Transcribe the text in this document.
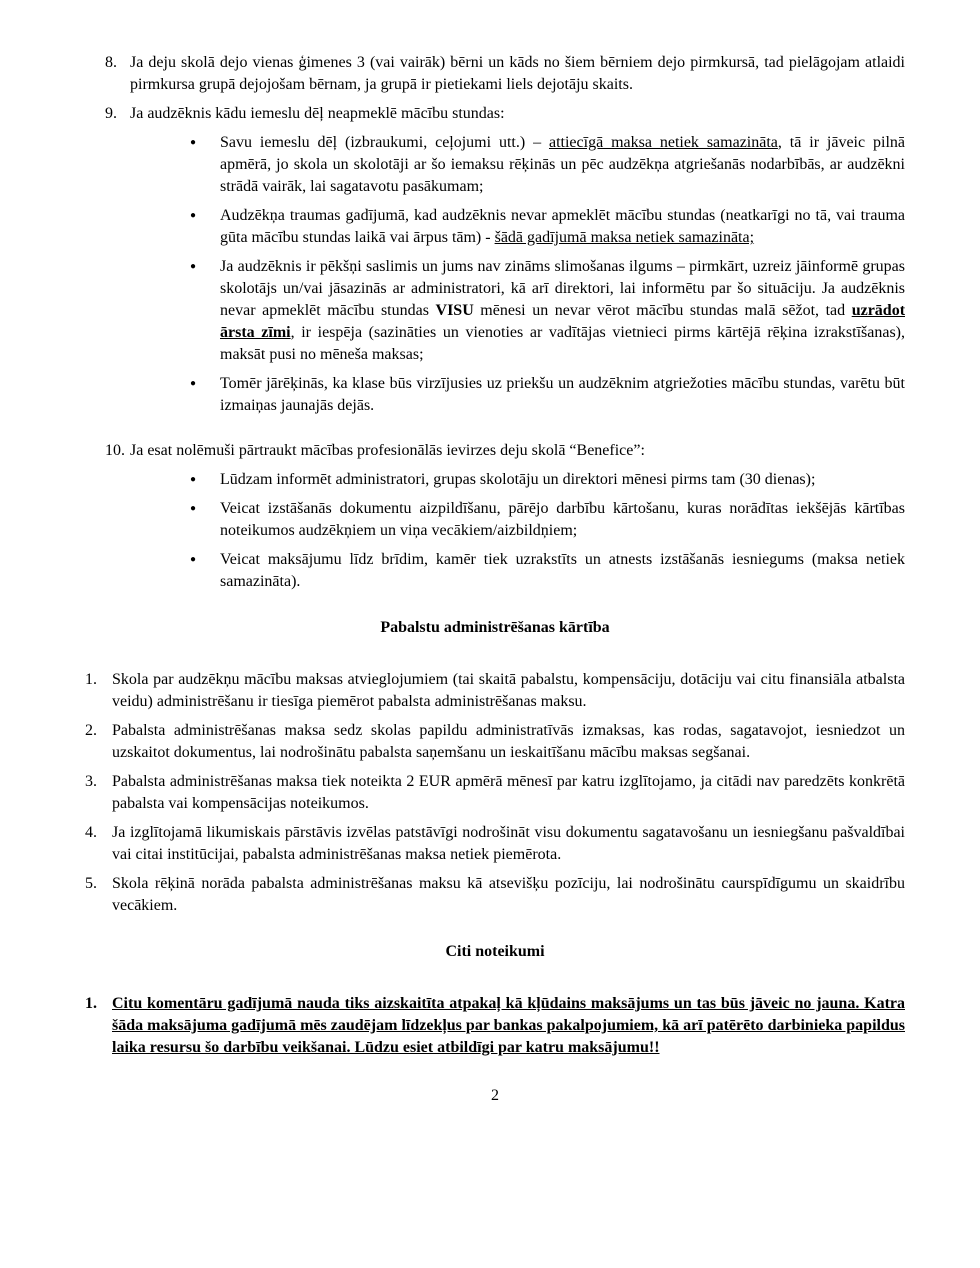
8. Ja deju skolā dejo vienas ģimenes 3 (vai vairāk) bērni un kāds no šiem bērniem dejo pirmkursā, tad pielāgojam atlaidi pirmkursa grupā dejojošam bērnam, ja grupā ir pietiekami liels dejotāju skaits.
9. Ja audzēknis kādu iemeslu dēļ neapmeklē mācību stundas:
●	Savu iemeslu dēļ (izbraukumi, ceļojumi utt.) – attiecīgā maksa netiek samazināta, tā ir jāveic pilnā apmērā, jo skola un skolotāji ar šo iemaksu rēķinās un pēc audzēkņa atgriešanās nodarbībās, ar audzēkni strādā vairāk, lai sagatavotu pasākumam;
●	Audzēkņa traumas gadījumā, kad audzēknis nevar apmeklēt mācību stundas (neatkarīgi no tā, vai trauma gūta mācību stundas laikā vai ārpus tām) - šādā gadījumā maksa netiek samazināta;
●	Ja audzēknis ir pēkšņi saslimis un jums nav zināms slimošanas ilgums – pirmkārt, uzreiz jāinformē grupas skolotājs un/vai jāsazinās ar administratori, kā arī direktori, lai informētu par šo situāciju. Ja audzēknis nevar apmeklēt mācību stundas VISU mēnesi un nevar vērot mācību stundas malā sēžot, tad uzrādot ārsta zīmi, ir iespēja (sazināties un vienoties ar vadītājas vietnieci pirms kārtējā rēķina izrakstīšanas), maksāt pusi no mēneša maksas;
●	Tomēr jārēķinās, ka klase būs virzījusies uz priekšu un audzēknim atgriežoties mācību stundas, varētu būt izmaiņas jaunajās dejās.
10. Ja esat nolēmuši pārtraukt mācības profesionālās ievirzes deju skolā “Benefice”:
●	Lūdzam informēt administratori, grupas skolotāju un direktori mēnesi pirms tam (30 dienas);
●	Veicat izstāšanās dokumentu aizpildīšanu, pārējo darbību kārtošanu, kuras norādītas iekšējās kārtības noteikumos audzēkņiem un viņa vecākiem/aizbildņiem;
●	Veicat maksājumu līdz brīdim, kamēr tiek uzrakstīts un atnests izstāšanās iesniegums (maksa netiek samazināta).
Pabalstu administrēšanas kārtība
1. Skola par audzēkņu mācību maksas atvieglojumiem (tai skaitā pabalstu, kompensāciju, dotāciju vai citu finansiāla atbalsta veidu) administrēšanu ir tiesīga piemērot pabalsta administrēšanas maksu.
2. Pabalsta administrēšanas maksa sedz skolas papildu administratīvās izmaksas, kas rodas, sagatavojot, iesniedzot un uzskaitot dokumentus, lai nodrošinātu pabalsta saņemšanu un ieskaitīšanu mācību maksas segšanai.
3. Pabalsta administrēšanas maksa tiek noteikta 2 EUR apmērā mēnesī par katru izglītojamo, ja citādi nav paredzēts konkrētā pabalsta vai kompensācijas noteikumos.
4. Ja izglītojamā likumiskais pārstāvis izvēlas patstāvīgi nodrošināt visu dokumentu sagatavošanu un iesniegšanu pašvaldībai vai citai institūcijai, pabalsta administrēšanas maksa netiek piemērota.
5. Skola rēķinā norāda pabalsta administrēšanas maksu kā atsevišķu pozīciju, lai nodrošinātu caurspīdīgumu un skaidrību vecākiem.
Citi noteikumi
1. Citu komentāru gadījumā nauda tiks aizskaitīta atpakaļ kā kļūdains maksājums un tas būs jāveic no jauna. Katra šāda maksājuma gadījumā mēs zaudējam līdzekļus par bankas pakalpojumiem, kā arī patērēto darbinieka papildus laika resursu šo darbību veikšanai. Lūdzu esiet atbildīgi par katru maksājumu!!
2
